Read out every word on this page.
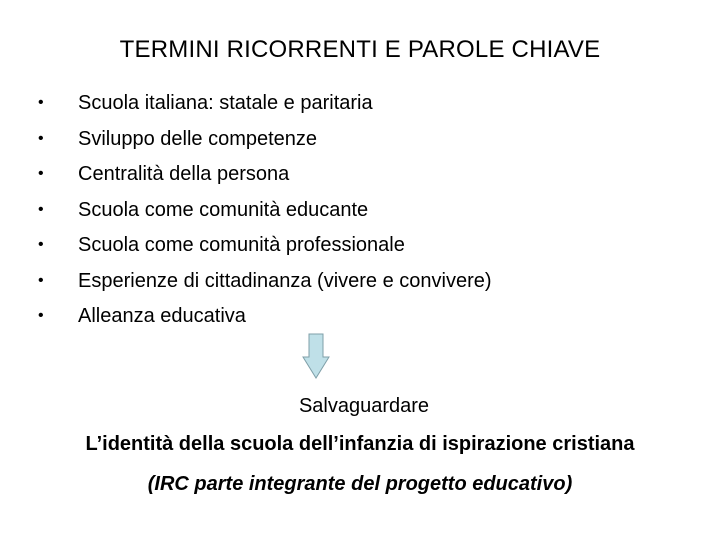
TERMINI RICORRENTI E PAROLE CHIAVE
• Scuola italiana: statale e paritaria
• Sviluppo delle competenze
• Centralità della persona
• Scuola come comunità educante
• Scuola come comunità professionale
• Esperienze di cittadinanza (vivere e convivere)
• Alleanza educativa
Salvaguardare
L’identità della scuola dell’infanzia di ispirazione cristiana
(IRC parte integrante del progetto educativo)
